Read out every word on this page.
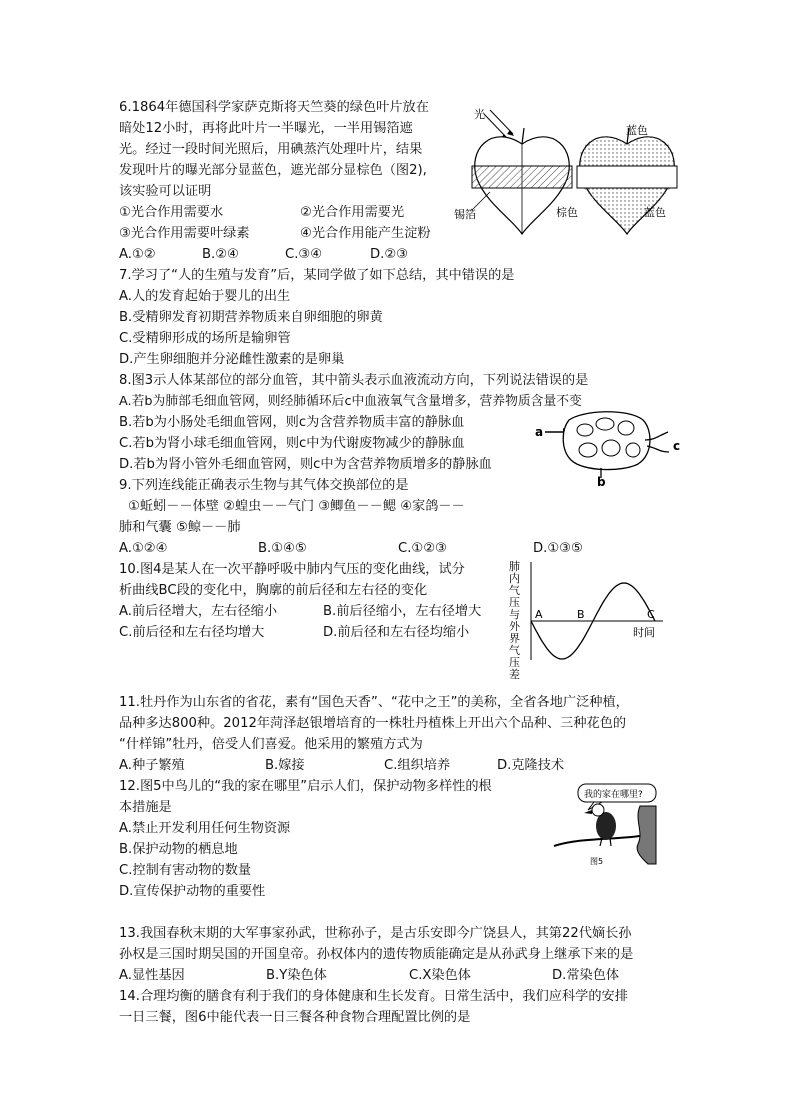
6.1864年德国科学家萨克斯将天竺葵的绿色叶片放在
暗处12小时，再将此叶片一半曝光，一半用锡箔遮
光。经过一段时间光照后，用碘蒸汽处理叶片，结果
发现叶片的曝光部分显蓝色，遮光部分显棕色（图2),
该实验可以证明
①光合作用需要水	②光合作用需要光
③光合作用需要叶绿素	④光合作用能产生淀粉
A.①②	B.②④	C.③④	D.②③
光
锡箔
蓝色
棕色	蓝色
7.学习了“人的生殖与发育”后，某同学做了如下总结，其中错误的是
A.人的发育起始于婴儿的出生
B.受精卵发育初期营养物质来自卵细胞的卵黄
C.受精卵形成的场所是输卵管
D.产生卵细胞并分泌雌性激素的是卵巢
8.图3示人体某部位的部分血管，其中箭头表示血液流动方向，下列说法错误的是
A.若b为肺部毛细血管网，则经肺循环后c中血液氧气含量增多，营养物质含量不变
B.若b为小肠处毛细血管网，则c为含营养物质丰富的静脉血
C.若b为肾小球毛细血管网，则c中为代谢废物减少的静脉血
D.若b为肾小管外毛细血管网，则c中为含营养物质增多的静脉血
a
c
b
9.下列连线能正确表示生物与其气体交换部位的是
①蚯蚓－－体壁 ②蝗虫－－气门 ③鲫鱼－－鳃 ④家鸽－－
肺和气囊 ⑤鲸－－肺
A.①②④	B.①④⑤	C.①②③	D.①③⑤
10.图4是某人在一次平静呼吸中肺内气压的变化曲线，试分
析曲线BC段的变化中，胸廓的前后径和左右径的变化
A.前后径增大，左右径缩小	B.前后径缩小，左右径增大
C.前后径和左右径均增大	D.前后径和左右径均缩小
肺内气压与外界气压差
A	B	C
时间
11.牡丹作为山东省的省花，素有“国色天香”、“花中之王”的美称，全省各地广泛种植，
品种多达800种。2012年菏泽赵银增培育的一株牡丹植株上开出六个品种、三种花色的
“什样锦”牡丹，倍受人们喜爱。他采用的繁殖方式为
A.种子繁殖	B.嫁接	C.组织培养	D.克隆技术
12.图5中鸟儿的“我的家在哪里”启示人们，保护动物多样性的根
本措施是
A.禁止开发利用任何生物资源
B.保护动物的栖息地
C.控制有害动物的数量
D.宣传保护动物的重要性
我的家在哪里?
图5
13.我国春秋末期的大军事家孙武，世称孙子，是古乐安即今广饶县人，其第22代嫡长孙
孙权是三国时期吴国的开国皇帝。孙权体内的遗传物质能确定是从孙武身上继承下来的是
A.显性基因	B.Y染色体	C.X染色体	D.常染色体
14.合理均衡的膳食有利于我们的身体健康和生长发育。日常生活中，我们应科学的安排
一日三餐，图6中能代表一日三餐各种食物合理配置比例的是
